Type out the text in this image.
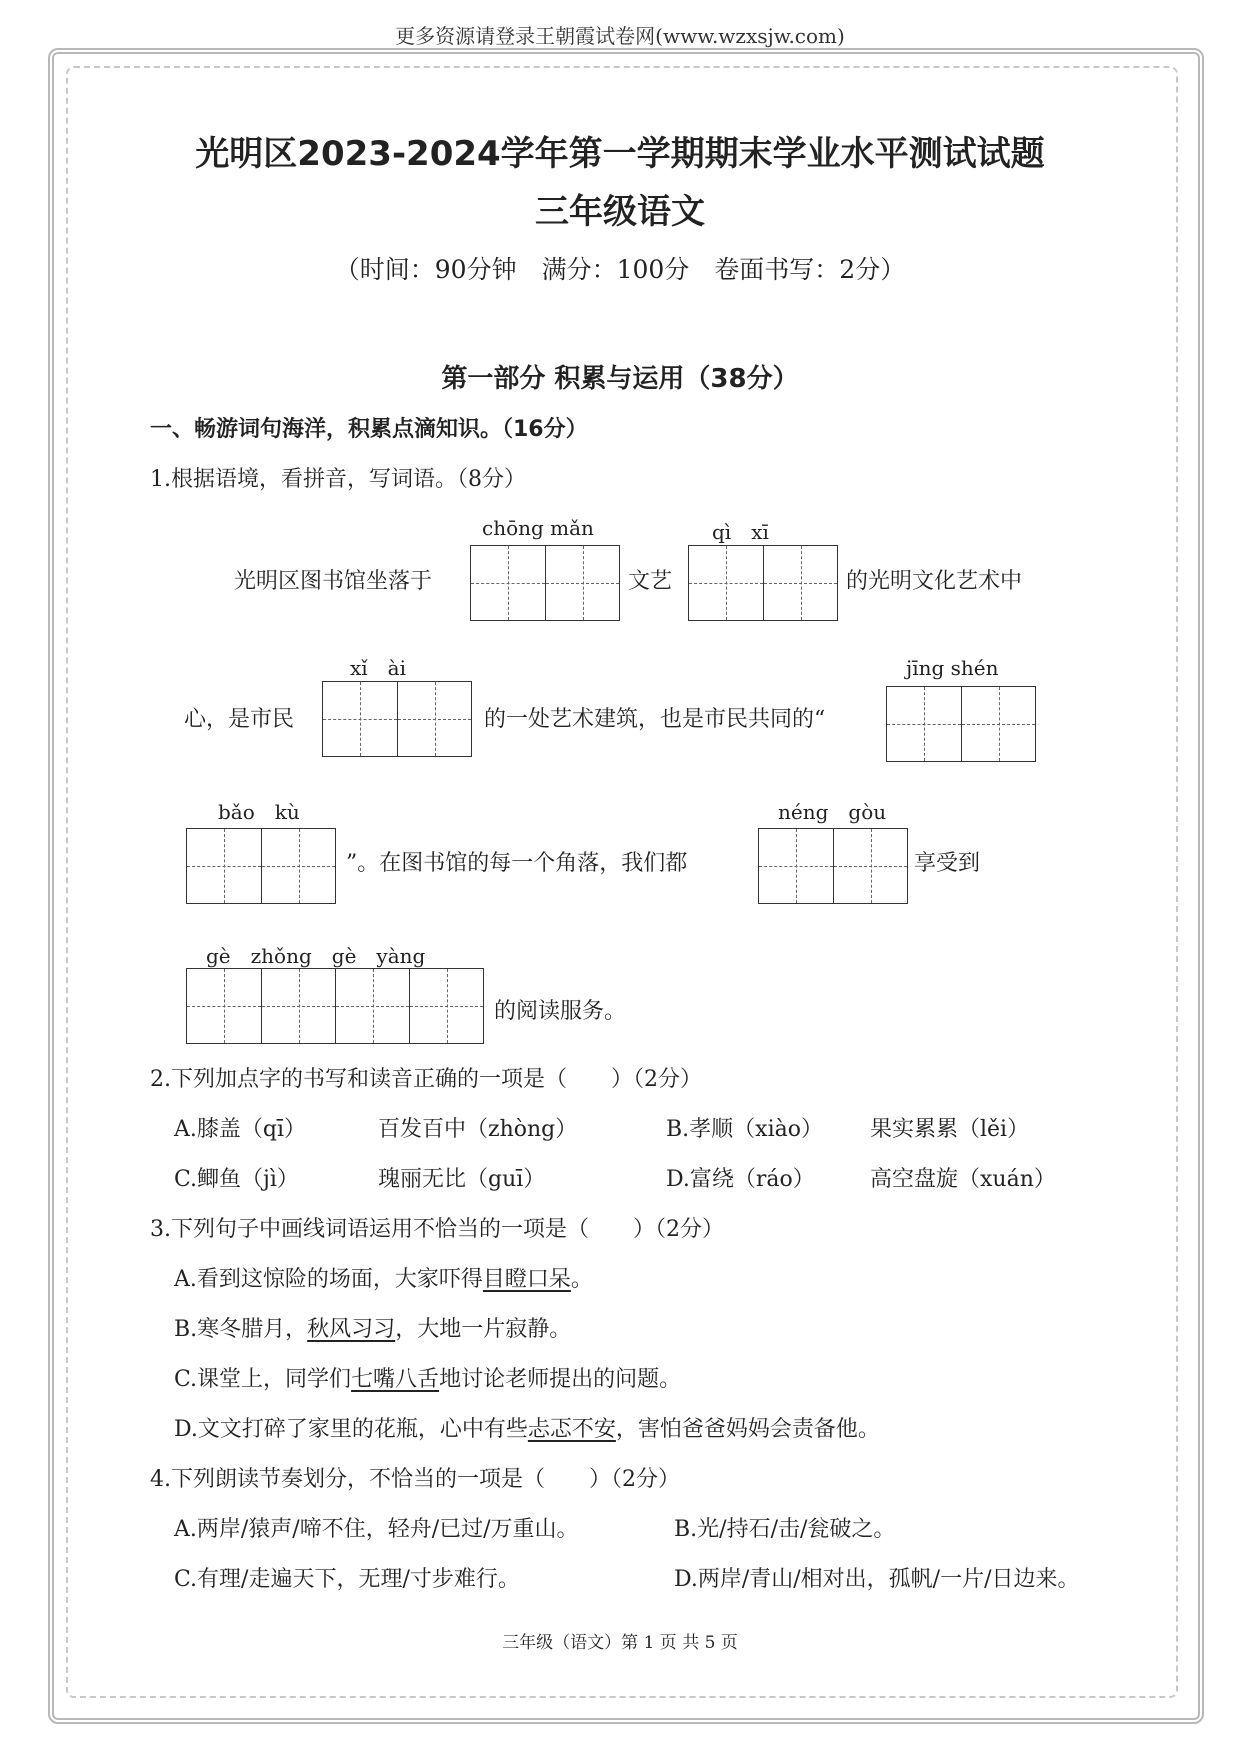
更多资源请登录王朝霞试卷网(www.wzxsjw.com)
光明区2023-2024学年第一学期期末学业水平测试试题
三年级语文
（时间：90分钟　满分：100分　卷面书写：2分）
第一部分 积累与运用（38分）
一、畅游词句海洋，积累点滴知识。（16分）
1.根据语境，看拼音，写词语。（8分）
chōng mǎn	qì　xī
光明区图书馆坐落于	文艺	的光明文化艺术中
xǐ　ài	jīng shén
心，是市民	的一处艺术建筑，也是市民共同的“
bǎo　kù	néng　gòu
”。在图书馆的每一个角落，我们都	享受到
gè　zhǒng　gè　yàng
的阅读服务。
2.下列加点字的书写和读音正确的一项是（　　）（2分）
A.膝盖（qī）	百发百中（zhòng）	B.孝顺（xiào） 果实累累（lěi）
C.鲫鱼（jì）	瑰丽无比（guī）	D.富绕（ráo）	高空盘旋（xuán）
3.下列句子中画线词语运用不恰当的一项是（　　）（2分）
A.看到这惊险的场面，大家吓得目瞪口呆。
B.寒冬腊月，秋风习习，大地一片寂静。
C.课堂上，同学们七嘴八舌地讨论老师提出的问题。
D.文文打碎了家里的花瓶，心中有些忐忑不安，害怕爸爸妈妈会责备他。
4.下列朗读节奏划分，不恰当的一项是（　　）（2分）
A.两岸/猿声/啼不住，轻舟/已过/万重山。	B.光/持石/击/瓮破之。
C.有理/走遍天下，无理/寸步难行。	D.两岸/青山/相对出，孤帆/一片/日边来。
三年级（语文）第 1 页 共 5 页
